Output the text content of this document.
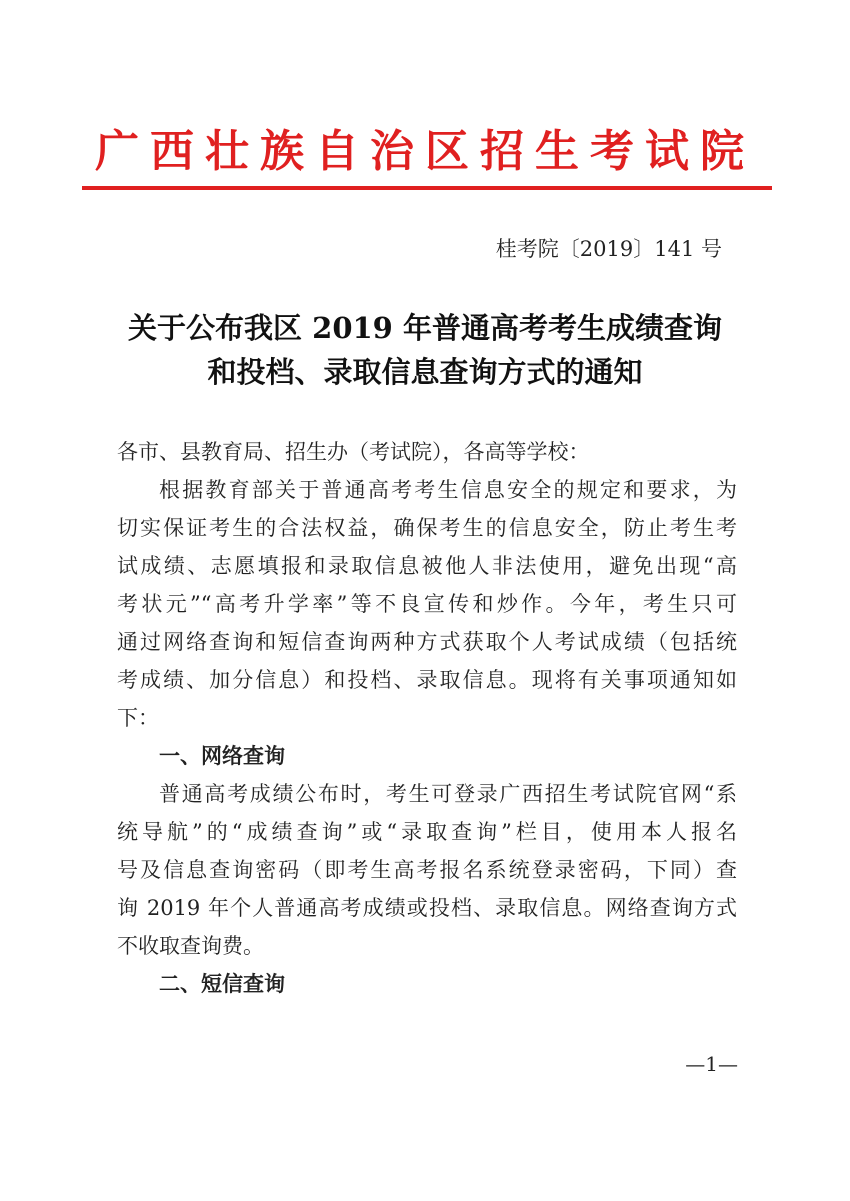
广西壮族自治区招生考试院
桂考院〔2019〕141 号
关于公布我区 2019 年普通高考考生成绩查询
和投档、录取信息查询方式的通知
各市、县教育局、招生办（考试院），各高等学校：
根据教育部关于普通高考考生信息安全的规定和要求，为
切实保证考生的合法权益，确保考生的信息安全，防止考生考
试成绩、志愿填报和录取信息被他人非法使用，避免出现“高
考状元”“高考升学率”等不良宣传和炒作。今年，考生只可
通过网络查询和短信查询两种方式获取个人考试成绩（包括统
考成绩、加分信息）和投档、录取信息。现将有关事项通知如
下：
一、网络查询
普通高考成绩公布时，考生可登录广西招生考试院官网“系
统导航”的“成绩查询”或“录取查询”栏目，使用本人报名
号及信息查询密码（即考生高考报名系统登录密码，下同）查
询 2019 年个人普通高考成绩或投档、录取信息。网络查询方式
不收取查询费。
二、短信查询
—1—
